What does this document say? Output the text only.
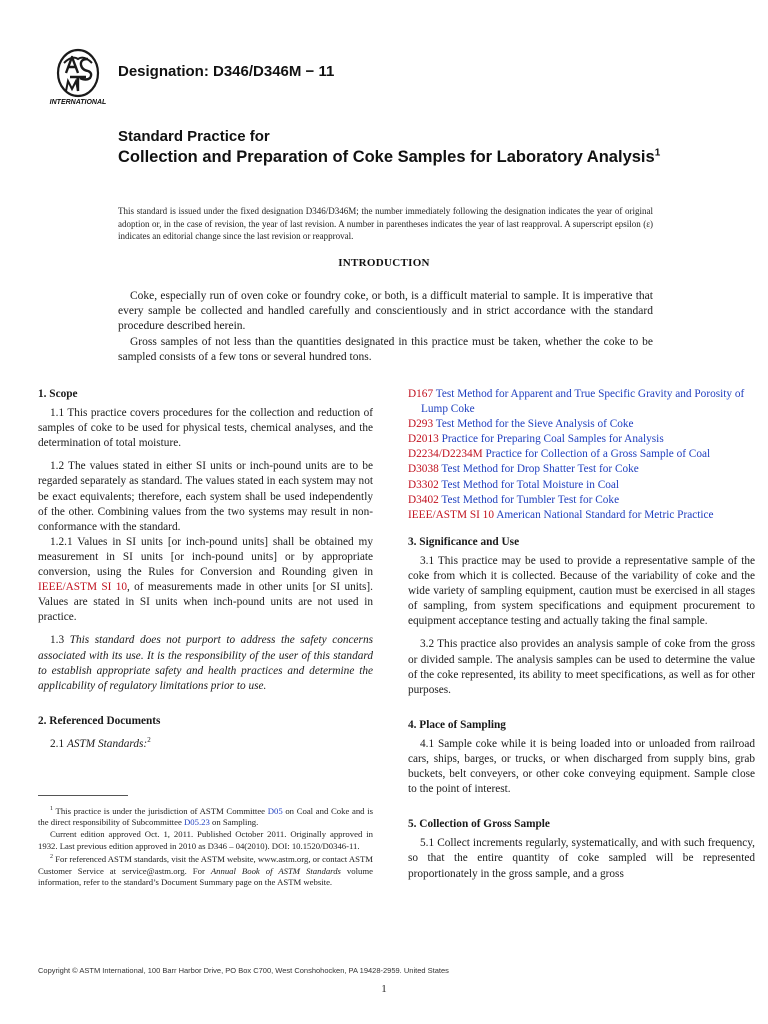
INTERNATIONAL
Designation: D346/D346M − 11
Standard Practice for
Collection and Preparation of Coke Samples for Laboratory Analysis$^1$
This standard is issued under the fixed designation D346/D346M; the number immediately following the designation indicates the year of original adoption or, in the case of revision, the year of last revision. A number in parentheses indicates the year of last reapproval. A superscript epsilon (ε) indicates an editorial change since the last revision or reapproval.
INTRODUCTION

Coke, especially run of oven coke or foundry coke, or both, is a difficult material to sample. It is imperative that every sample be collected and handled carefully and conscientiously and in strict accordance with the standard procedure described herein.

Gross samples of not less than the quantities designated in this practice must be taken, whether the coke to be sampled consists of a few tons or several hundred tons.

1. Scope

1.1 This practice covers procedures for the collection and reduction of samples of coke to be used for physical tests, chemical analyses, and the determination of total moisture.

1.2 The values stated in either SI units or inch-pound units are to be regarded separately as standard. The values stated in each system may not be exact equivalents; therefore, each system shall be used independently of the other. Combining values from the two systems may result in non-conformance with the standard.

1.2.1 Values in SI units [or inch-pound units] shall be obtained my measurement in SI units [or inch-pound units] or by appropriate conversion, using the Rules for Conversion and Rounding given in IEEE/ASTM SI 10, of measurements made in other units [or SI units]. Values are stated in SI units when inch-pound units are not used in practice.

1.3 This standard does not purport to address the safety concerns associated with its use. It is the responsibility of the user of this standard to establish appropriate safety and health practices and determine the applicability of regulatory limitations prior to use.

2. Referenced Documents

2.1 ASTM Standards:$^2$

$^1$ This practice is under the jurisdiction of ASTM Committee D05 on Coal and Coke and is the direct responsibility of Subcommittee D05.23 on Sampling.

Current edition approved Oct. 1, 2011. Published October 2011. Originally approved in 1932. Last previous edition approved in 2010 as D346 – 04(2010). DOI: 10.1520/D0346-11.

$^2$ For referenced ASTM standards, visit the ASTM website, www.astm.org, or contact ASTM Customer Service at service@astm.org. For Annual Book of ASTM Standards volume information, refer to the standard’s Document Summary page on the ASTM website.

D167 Test Method for Apparent and True Specific Gravity and Porosity of Lump Coke

D293 Test Method for the Sieve Analysis of Coke

D2013 Practice for Preparing Coal Samples for Analysis

D2234/D2234M Practice for Collection of a Gross Sample of Coal

D3038 Test Method for Drop Shatter Test for Coke

D3302 Test Method for Total Moisture in Coal

D3402 Test Method for Tumbler Test for Coke

IEEE/ASTM SI 10 American National Standard for Metric Practice

3. Significance and Use

3.1 This practice may be used to provide a representative sample of the coke from which it is collected. Because of the variability of coke and the wide variety of sampling equipment, caution must be exercised in all stages of sampling, from system specifications and equipment procurement to equipment acceptance testing and actually taking the final sample.

3.2 This practice also provides an analysis sample of coke from the gross or divided sample. The analysis samples can be used to determine the value of the coke represented, its ability to meet specifications, as well as for other purposes.

4. Place of Sampling

4.1 Sample coke while it is being loaded into or unloaded from railroad cars, ships, barges, or trucks, or when discharged from supply bins, grab buckets, belt conveyers, or other coke conveying equipment. Sample close to the point of interest.

5. Collection of Gross Sample

5.1 Collect increments regularly, systematically, and with such frequency, so that the entire quantity of coke sampled will be represented proportionately in the gross sample, and a gross

Copyright © ASTM International, 100 Barr Harbor Drive, PO Box C700, West Conshohocken, PA 19428-2959. United States
1
